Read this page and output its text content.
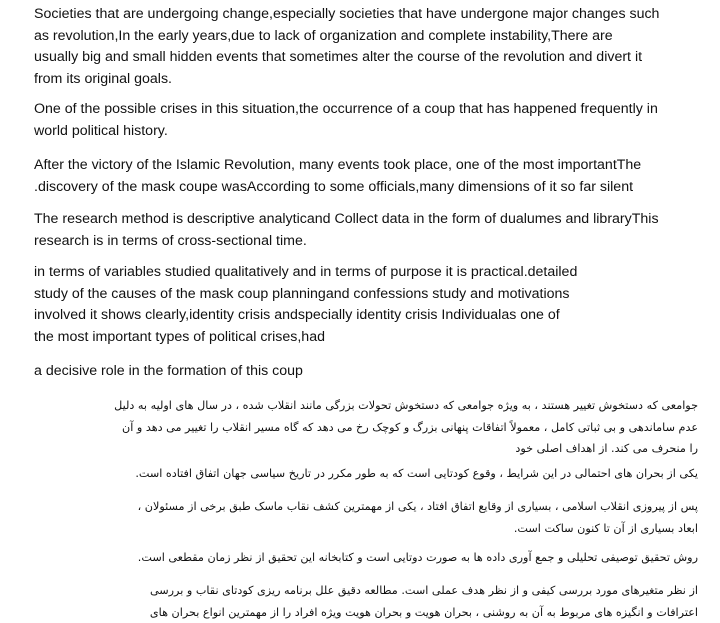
Societies that are undergoing change,especially societies that have undergone major changes such
as revolution,In the early years,due to lack of organization and complete instability,There are
usually big and small hidden events that sometimes alter the course of the revolution and divert it
from its original goals.
One of the possible crises in this situation,the occurrence of a coup that has happened frequently in
world political history.
After the victory of the Islamic Revolution, many events took place, one of the most importantThe
.discovery of the mask coupe wasAccording to some officials,many dimensions of it so far silent
The research method is descriptive analyticand Collect data in the form of dualumes and libraryThis
research is in terms of cross-sectional time.
in terms of variables studied qualitatively and in terms of purpose it is practical.detailed
study of the causes of the mask coup planningand confessions study and motivations
involved it shows clearly,identity crisis andspecially identity crisis Individualas one of
the most important types of political crises,had
a decisive role in the formation of this coup
جوامعی که دستخوش تغییر هستند ، به ویژه جوامعی که دستخوش تحولات بزرگی مانند انقلاب شده ، در سال های اولیه به دلیل
عدم ساماندهی و بی ثباتی کامل ، معمولاً اتفاقات پنهانی بزرگ و کوچک رخ می دهد که گاه مسیر انقلاب را تغییر می دهد و آن
را منحرف می کند. از اهداف اصلی خود
یکی از بحران های احتمالی در این شرایط ، وقوع کودتایی است که به طور مکرر در تاریخ سیاسی جهان اتفاق افتاده است.
پس از پیروزی انقلاب اسلامی ، بسیاری از وقایع اتفاق افتاد ، یکی از مهمترین کشف نقاب ماسک طبق برخی از مسئولان ،
ابعاد بسیاری از آن تا کنون ساکت است.
روش تحقیق توصیفی تحلیلی و جمع آوری داده ها به صورت دوتایی است و کتابخانه این تحقیق از نظر زمان مقطعی است.
از نظر متغیرهای مورد بررسی کیفی و از نظر هدف عملی است. مطالعه دقیق علل برنامه ریزی کودتای نقاب و بررسی
اعترافات و انگیزه های مربوط به آن به روشنی ، بحران هویت و بحران هویت ویژه افراد را از مهمترین انواع بحران های
